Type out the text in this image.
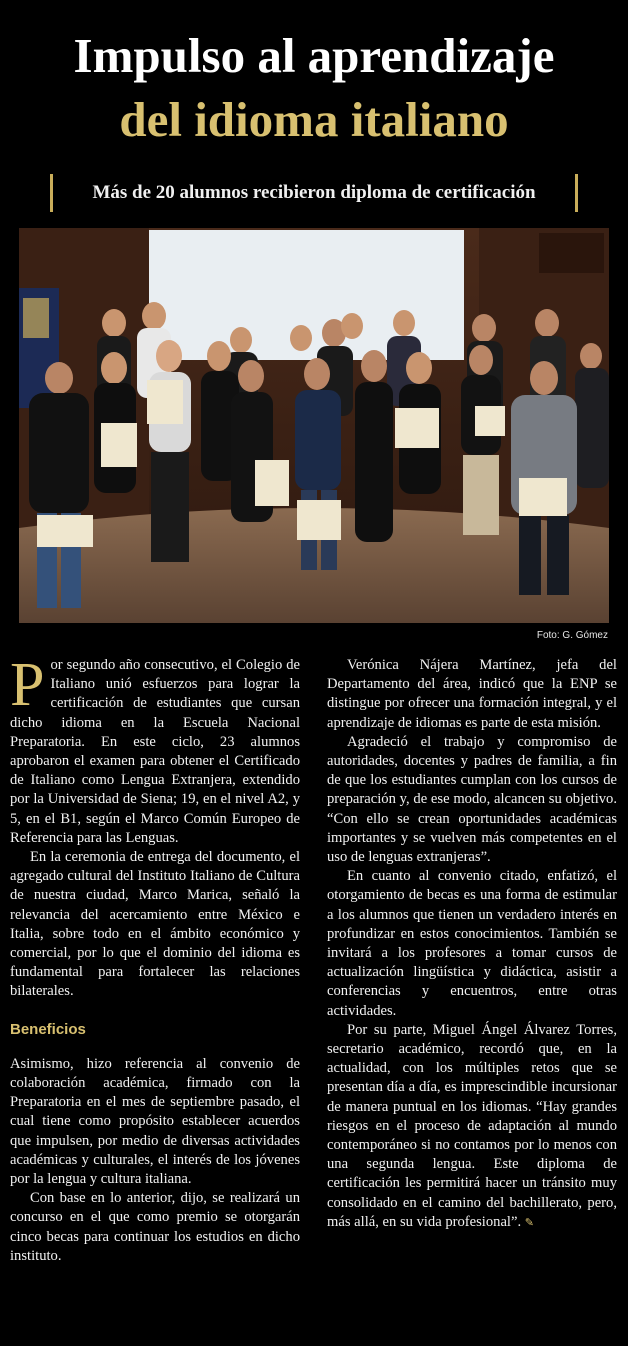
Impulso al aprendizaje
del idioma italiano
Más de 20 alumnos recibieron diploma de certificación
Foto: G. Gómez

Por segundo año consecutivo, el Colegio de Italiano unió esfuerzos para lograr la certificación de estudiantes que cursan dicho idioma en la Escuela Nacional Preparatoria. En este ciclo, 23 alumnos aprobaron el examen para obtener el Certificado de Italiano como Lengua Extranjera, extendido por la Universidad de Siena; 19, en el nivel A2, y 5, en el B1, según el Marco Común Europeo de Referencia para las Lenguas.

En la ceremonia de entrega del documento, el agregado cultural del Instituto Italiano de Cultura de nuestra ciudad, Marco Marica, señaló la relevancia del acercamiento entre México e Italia, sobre todo en el ámbito económico y comercial, por lo que el dominio del idioma es fundamental para fortalecer las relaciones bilaterales.

Beneficios

Asimismo, hizo referencia al convenio de colaboración académica, firmado con la Preparatoria en el mes de septiembre pasado, el cual tiene como propósito establecer acuerdos que impulsen, por medio de diversas actividades académicas y culturales, el interés de los jóvenes por la lengua y cultura italiana.

Con base en lo anterior, dijo, se realizará un concurso en el que como premio se otorgarán cinco becas para continuar los estudios en dicho instituto.

Verónica Nájera Martínez, jefa del Departamento del área, indicó que la ENP se distingue por ofrecer una formación integral, y el aprendizaje de idiomas es parte de esta misión.

Agradeció el trabajo y compromiso de autoridades, docentes y padres de familia, a fin de que los estudiantes cumplan con los cursos de preparación y, de ese modo, alcancen su objetivo. “Con ello se crean oportunidades académicas importantes y se vuelven más competentes en el uso de lenguas extranjeras”.

En cuanto al convenio citado, enfatizó, el otorgamiento de becas es una forma de estimular a los alumnos que tienen un verdadero interés en profundizar en estos conocimientos. También se invitará a los profesores a tomar cursos de actualización lingüística y didáctica, asistir a conferencias y encuentros, entre otras actividades.

Por su parte, Miguel Ángel Álvarez Torres, secretario académico, recordó que, en la actualidad, con los múltiples retos que se presentan día a día, es imprescindible incursionar de manera puntual en los idiomas. “Hay grandes riesgos en el proceso de adaptación al mundo contemporáneo si no contamos por lo menos con una segunda lengua. Este diploma de certificación les permitirá hacer un tránsito muy consolidado en el camino del bachillerato, pero, más allá, en su vida profesional”. ✎
